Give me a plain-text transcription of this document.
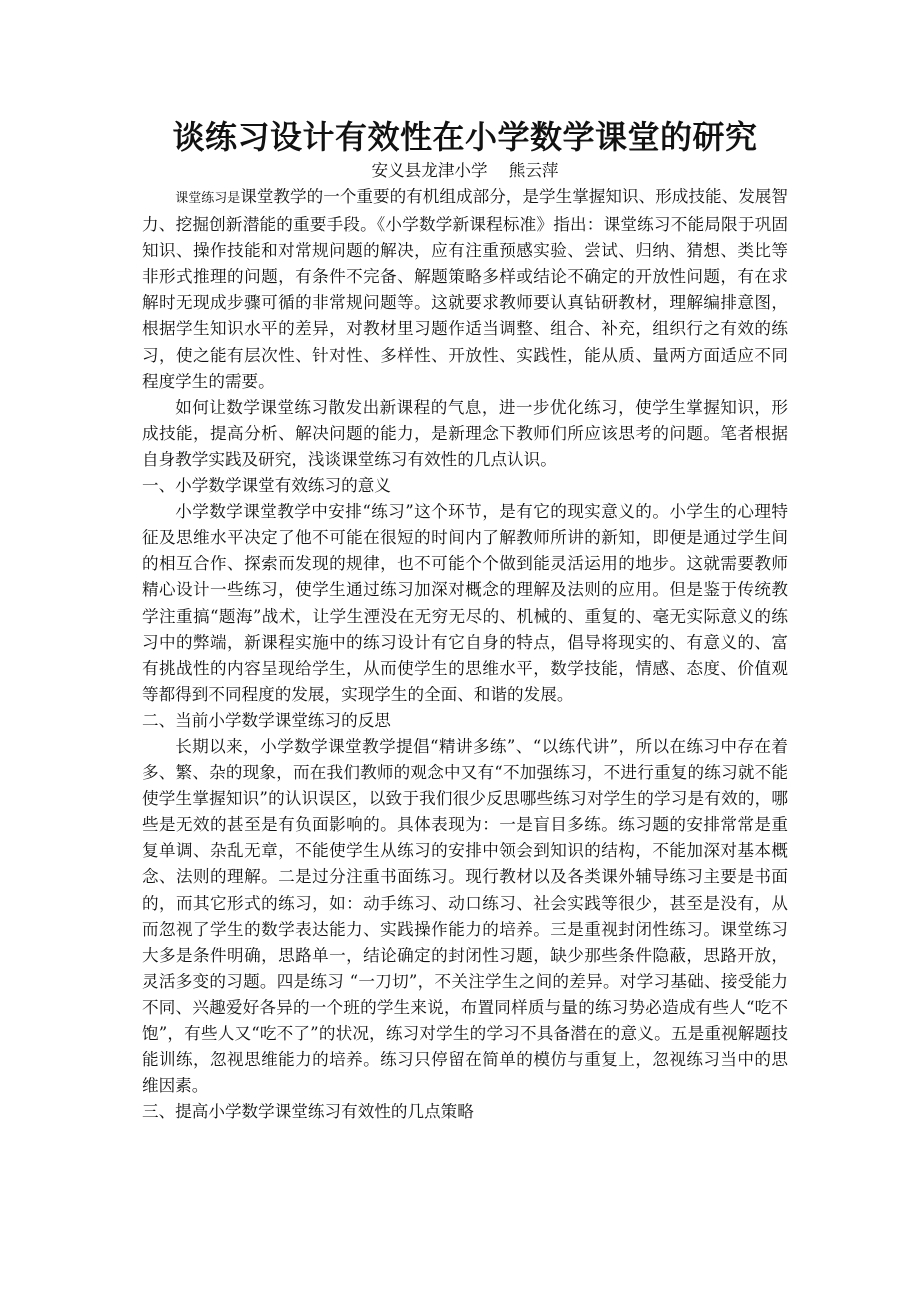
谈练习设计有效性在小学数学课堂的研究
安义县龙津小学    熊云萍

课堂练习是课堂教学的一个重要的有机组成部分，是学生掌握知识、形成技能、发展智力、挖掘创新潜能的重要手段。《小学数学新课程标准》指出：课堂练习不能局限于巩固知识、操作技能和对常规问题的解决，应有注重预感实验、尝试、归纳、猜想、类比等非形式推理的问题，有条件不完备、解题策略多样或结论不确定的开放性问题，有在求解时无现成步骤可循的非常规问题等。这就要求教师要认真钻研教材，理解编排意图，根据学生知识水平的差异，对教材里习题作适当调整、组合、补充，组织行之有效的练习，使之能有层次性、针对性、多样性、开放性、实践性，能从质、量两方面适应不同程度学生的需要。

如何让数学课堂练习散发出新课程的气息，进一步优化练习，使学生掌握知识，形成技能，提高分析、解决问题的能力，是新理念下教师们所应该思考的问题。笔者根据自身教学实践及研究，浅谈课堂练习有效性的几点认识。

一、小学数学课堂有效练习的意义

小学数学课堂教学中安排“练习”这个环节，是有它的现实意义的。小学生的心理特征及思维水平决定了他不可能在很短的时间内了解教师所讲的新知，即便是通过学生间的相互合作、探索而发现的规律，也不可能个个做到能灵活运用的地步。这就需要教师精心设计一些练习，使学生通过练习加深对概念的理解及法则的应用。但是鉴于传统教学注重搞“题海”战术，让学生湮没在无穷无尽的、机械的、重复的、毫无实际意义的练习中的弊端，新课程实施中的练习设计有它自身的特点，倡导将现实的、有意义的、富有挑战性的内容呈现给学生，从而使学生的思维水平，数学技能，情感、态度、价值观等都得到不同程度的发展，实现学生的全面、和谐的发展。

二、当前小学数学课堂练习的反思

长期以来，小学数学课堂教学提倡“精讲多练”、“以练代讲”，所以在练习中存在着多、繁、杂的现象，而在我们教师的观念中又有“不加强练习，不进行重复的练习就不能使学生掌握知识”的认识误区，以致于我们很少反思哪些练习对学生的学习是有效的，哪些是无效的甚至是有负面影响的。具体表现为：一是盲目多练。练习题的安排常常是重复单调、杂乱无章，不能使学生从练习的安排中领会到知识的结构，不能加深对基本概念、法则的理解。二是过分注重书面练习。现行教材以及各类课外辅导练习主要是书面的，而其它形式的练习，如：动手练习、动口练习、社会实践等很少，甚至是没有，从而忽视了学生的数学表达能力、实践操作能力的培养。三是重视封闭性练习。课堂练习大多是条件明确，思路单一，结论确定的封闭性习题，缺少那些条件隐蔽，思路开放，灵活多变的习题。四是练习 “一刀切”，不关注学生之间的差异。对学习基础、接受能力不同、兴趣爱好各异的一个班的学生来说，布置同样质与量的练习势必造成有些人“吃不饱”，有些人又“吃不了”的状况，练习对学生的学习不具备潜在的意义。五是重视解题技能训练，忽视思维能力的培养。练习只停留在简单的模仿与重复上，忽视练习当中的思维因素。

三、提高小学数学课堂练习有效性的几点策略
